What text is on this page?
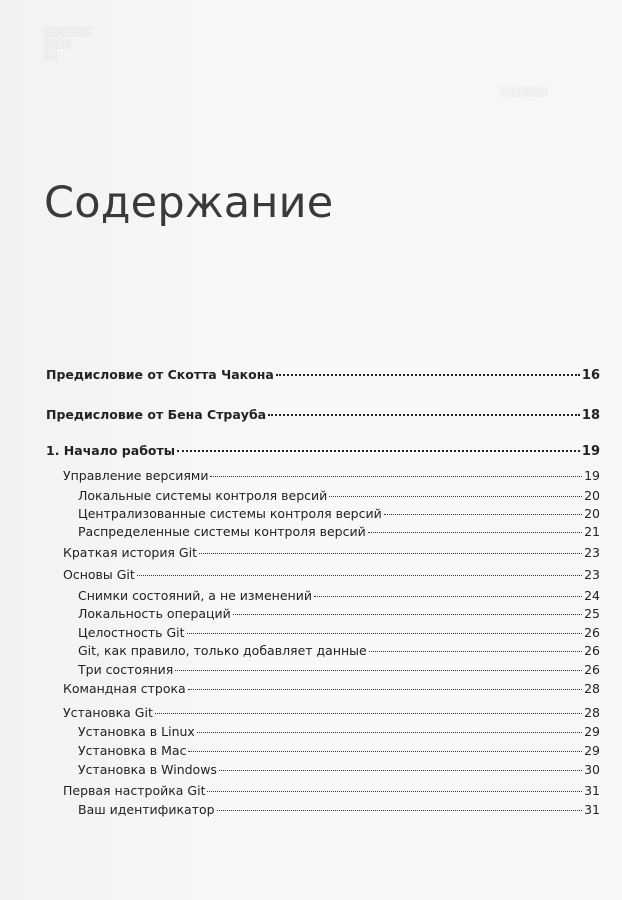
░░░░░░░
░░░░
░░
░░░░░░░
Содержание
Предисловие от Скотта Чакона	16
Предисловие от Бена Страуба	18
1. Начало работы	19
Управление версиями	19
Локальные системы контроля версий	20
Централизованные системы контроля версий	20
Распределенные системы контроля версий	21
Краткая история Git	23
Основы Git	23
Снимки состояний, а не изменений	24
Локальность операций	25
Целостность Git	26
Git, как правило, только добавляет данные	26
Три состояния	26
Командная строка	28
Установка Git	28
Установка в Linux	29
Установка в Mac	29
Установка в Windows	30
Первая настройка Git	31
Ваш идентификатор	31
